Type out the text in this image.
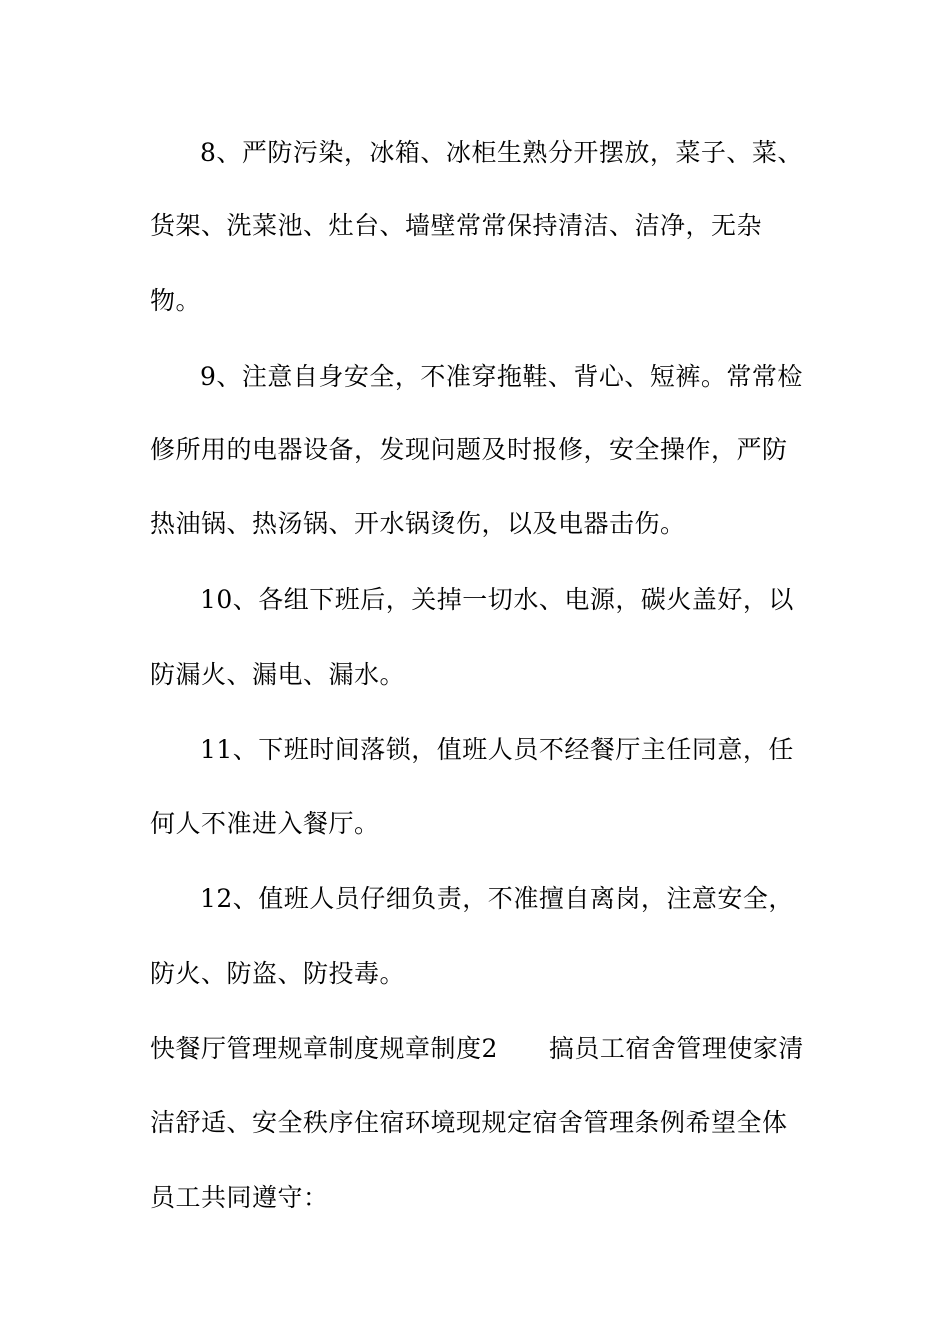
8、严防污染，冰箱、冰柜生熟分开摆放，菜子、菜、
货架、洗菜池、灶台、墙壁常常保持清洁、洁净，无杂
物。
9、注意自身安全，不准穿拖鞋、背心、短裤。常常检
修所用的电器设备，发现问题及时报修，安全操作，严防
热油锅、热汤锅、开水锅烫伤，以及电器击伤。
10、各组下班后，关掉一切水、电源，碳火盖好，以
防漏火、漏电、漏水。
11、下班时间落锁，值班人员不经餐厅主任同意，任
何人不准进入餐厅。
12、值班人员仔细负责，不准擅自离岗，注意安全，
防火、防盗、防投毒。
快餐厅管理规章制度规章制度2　　搞员工宿舍管理使家清
洁舒适、安全秩序住宿环境现规定宿舍管理条例希望全体
员工共同遵守：
